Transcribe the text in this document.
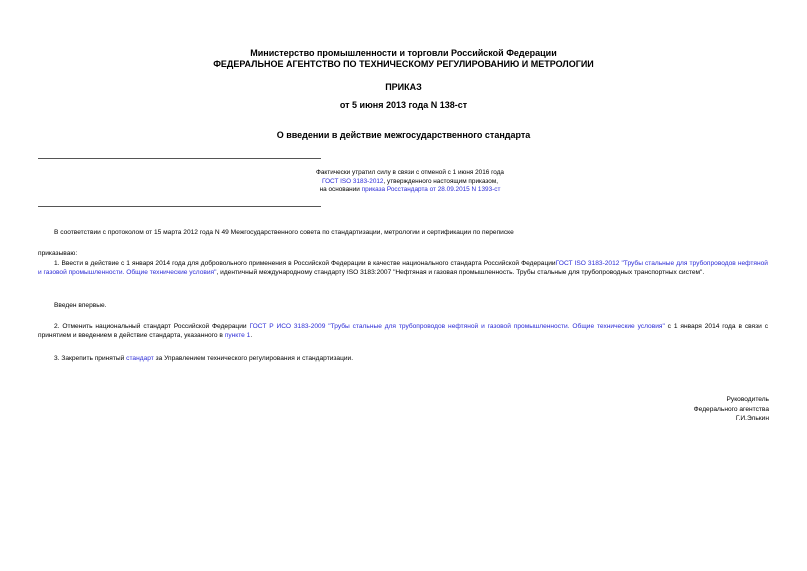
Министерство промышленности и торговли Российской Федерации
ФЕДЕРАЛЬНОЕ АГЕНТСТВО ПО ТЕХНИЧЕСКОМУ РЕГУЛИРОВАНИЮ И МЕТРОЛОГИИ
ПРИКАЗ
от 5 июня 2013 года N 138-ст
О введении в действие межгосударственного стандарта
Фактически утратил силу в связи с отменой с 1 июня 2016 года
ГОСТ ISO 3183-2012, утвержденного настоящим приказом,
на основании приказа Росстандарта от 28.09.2015 N 1393-ст
В соответствии с протоколом от 15 марта 2012 года N 49 Межгосударственного совета по стандартизации, метрологии и сертификации по переписке
приказываю:
1. Ввести в действие с 1 января 2014 года для добровольного применения в Российской Федерации в качестве национального стандарта Российской ФедерацииГОСТ ISO 3183-2012 "Трубы стальные для трубопроводов нефтяной и газовой промышленности. Общие технические условия", идентичный международному стандарту ISO 3183:2007 "Нефтяная и газовая промышленность. Трубы стальные для трубопроводных транспортных систем".
Введен впервые.
2. Отменить национальный стандарт Российской Федерации ГОСТ Р ИСО 3183-2009 "Трубы стальные для трубопроводов нефтяной и газовой промышленности. Общие технические условия" с 1 января 2014 года в связи с принятием и введением в действие стандарта, указанного в пункте 1.
3. Закрепить принятый стандарт за Управлением технического регулирования и стандартизации.
Руководитель
Федерального агентства
Г.И.Элькин
